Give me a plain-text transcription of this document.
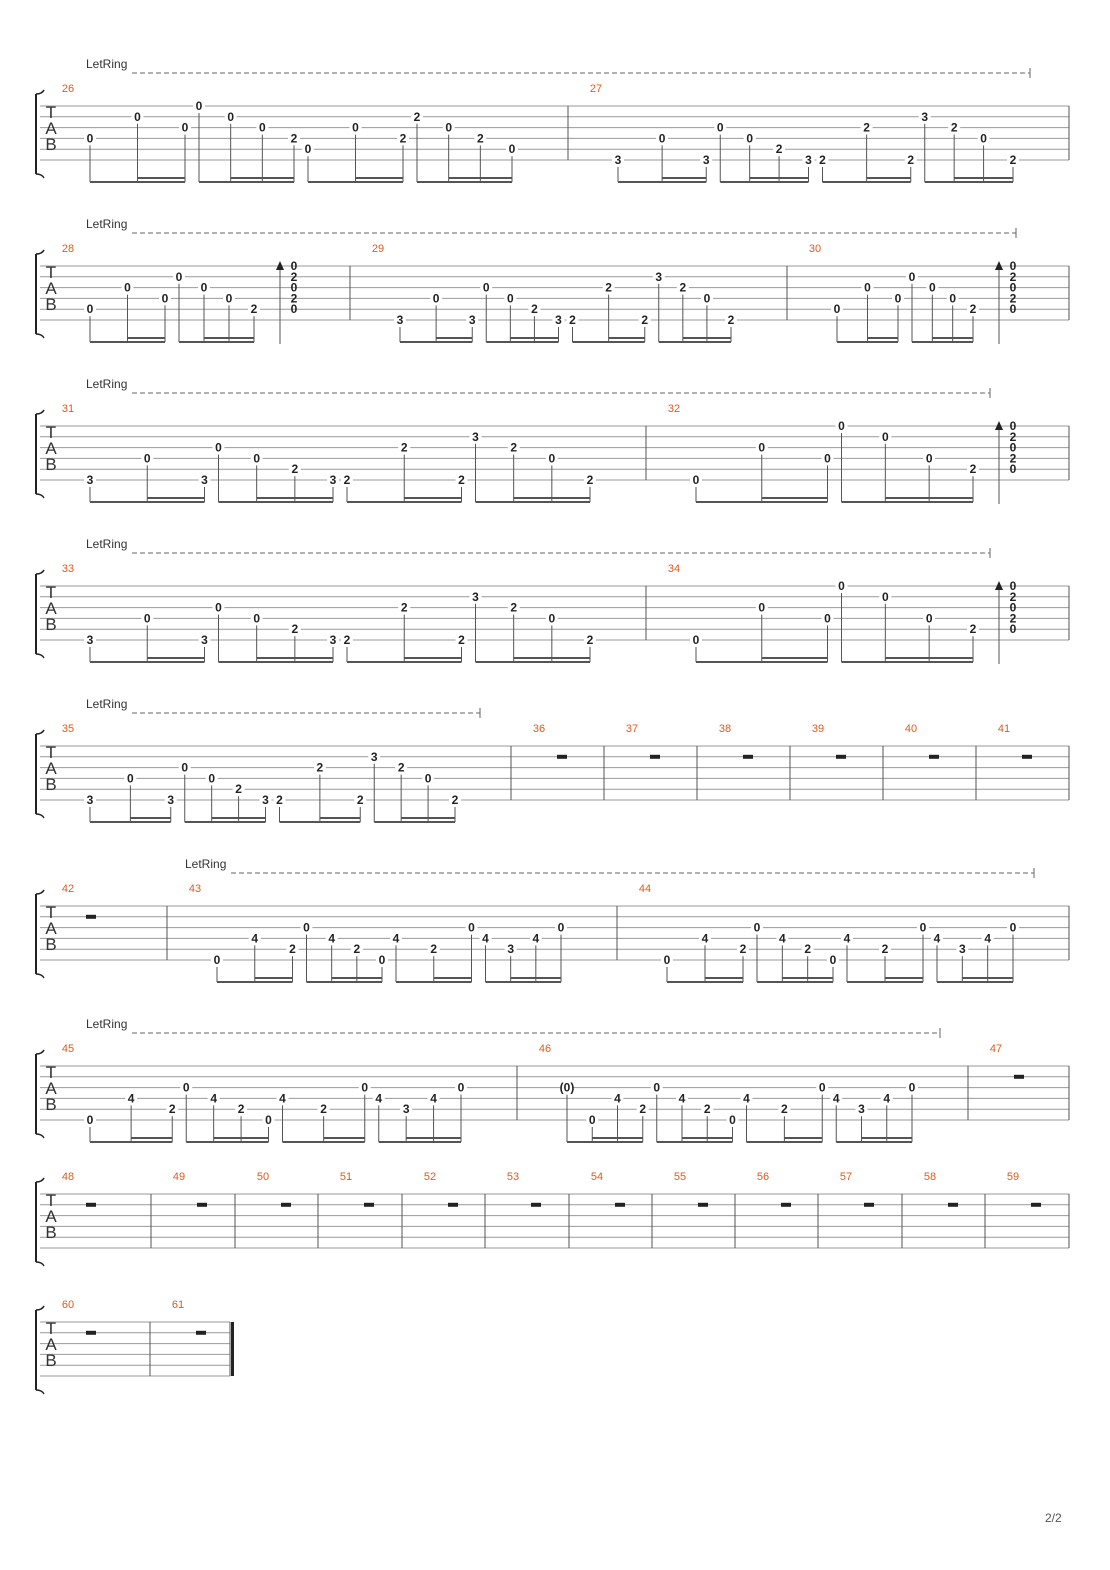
LetRing
T
A
B
26
0
0
0
0
0
0
2
0
0
2
2
0
2
0
27
3
0
3
0
0
2
3 2
2
2
3
2
0
2
LetRing
T
A
B
28
0
0
0
0
0
0
2
0
2
0
2
0
29
3
0
3
0
0
2
3 2
2
2
3
2
0
2
30
0
0
0
0
0
0
2
0
2
0
2
0
LetRing
T
A
B
31
3
0
3
0
0
2
3 2
2
2
3
2
0
2
32
0
0
0
0
0
0
2
0
2
0
2
0
LetRing
T
A
B
33
3
0
3
0
0
2
3 2
2
2
3
2
0
2
34
0
0
0
0
0
0
2
0
2
0
2
0
LetRing
T
A
B
35
3
0
3
0
0
2
3 2
2
2
3
2
0
2
36	37	38	39	40	41
LetRing
T
A
B
42	43
0
4
2
0
4
2
0
4
2
0
4
3
4
0
44
0
4
2
0
4
2
0
4
2
0
4
3
4
0
LetRing
T
A
B
45
0
4
2
0
4
2
0
4
2
0
4
3
4
0
46
(0)
0
4
2
0
4
2
0
4
2
0
4
3
4
0
47
T
A
B
48	49	50	51	52	53	54	55	56	57	58	59
T
A
B
60	61
2/2
